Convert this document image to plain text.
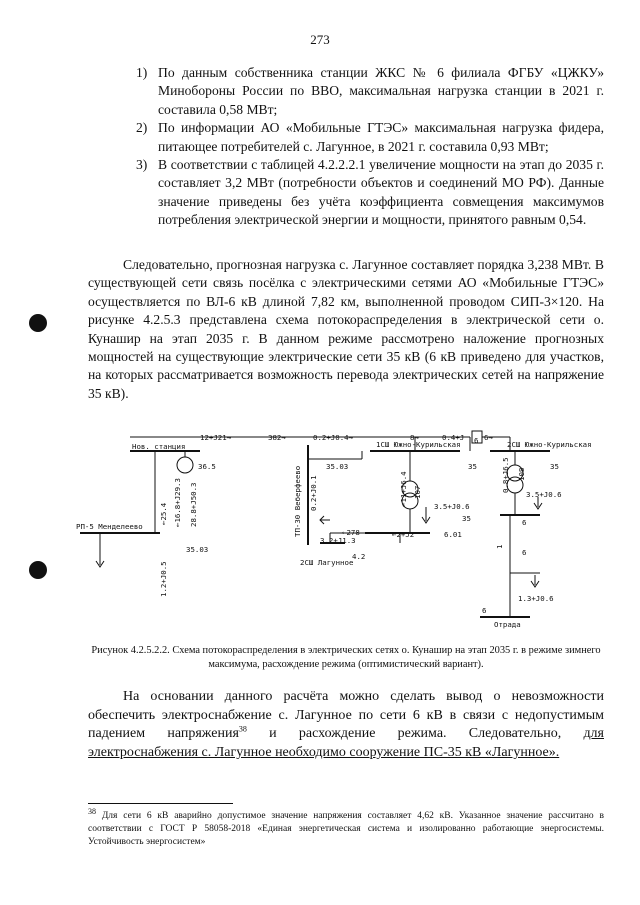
273
1) По данным собственника станции ЖКС № 6 филиала ФГБУ «ЦЖКУ» Минобороны России по ВВО, максимальная нагрузка станции в 2021 г. составила 0,58 МВт;
2) По информации АО «Мобильные ГТЭС» максимальная нагрузка фидера, питающее потребителей с. Лагунное, в 2021 г. составила 0,93 МВт;
3) В соответствии с таблицей 4.2.2.2.1 увеличение мощности на этап до 2035 г. составляет 3,2 МВт (потребности объектов и соединений МО РФ). Данные значение приведены без учёта коэффициента совмещения максимумов потребления электрической энергии и мощности, принятого равным 0,54.

Следовательно, прогнозная нагрузка с. Лагунное составляет порядка 3,238 МВт. В существующей сети связь посёлка с электрическими сетями АО «Мобильные ГТЭС» осуществляется по ВЛ-6 кВ длиной 7,82 км, выполненной проводом СИП-3×120. На рисунке 4.2.5.3 представлена схема потокораспределения в электрической сети о. Кунашир на этап 2035 г. В данном режиме рассмотрено наложение прогнозных мощностей на существующие электрические сети 35 кВ (6 кВ приведено для участков, на которых рассматривается возможность перевода электрических сетей на напряжение 35 кВ).

Нов. станция
12+J21→	382→	0.2+J0.4→
1СШ Южно-Курильская
8→	0.4+J	6→
2СШ Южно-Курильская
36.5	35.03	35	35
3.5+J0.6
3.5+J0.6
6
6.01
←278	←2+J2
3.2+J1.3
2СШ Лагунное
4.2
35.03
РП-5 Менделеево
1.3+J0.6
6
Отрада
6
6
35
28.8+J50.3
←16.8+J29.3
←25.4	ТП-30 Веберфеево 0.2+J0.1
1.2+J0.5
←11+J6.4 107	0.8+J6.5 108
1
Рисунок 4.2.5.2.2. Схема потокораспределения в электрических сетях о. Кунашир на этап 2035 г. в режиме зимнего максимума, расхождение режима (оптимистический вариант).

На основании данного расчёта можно сделать вывод о невозможности обеспечить электроснабжение с. Лагунное по сети 6 кВ в связи с недопустимым падением напряжения$^{38}$ и расхождение режима. Следовательно, для электроснабжения с. Лагунное необходимо сооружение ПС-35 кВ «Лагунное».

$^{38}$ Для сети 6 кВ аварийно допустимое значение напряжения составляет 4,62 кВ. Указанное значение рассчитано в соответствии с ГОСТ Р 58058-2018 «Единая энергетическая система и изолированно работающие энергосистемы. Устойчивость энергосистем»
